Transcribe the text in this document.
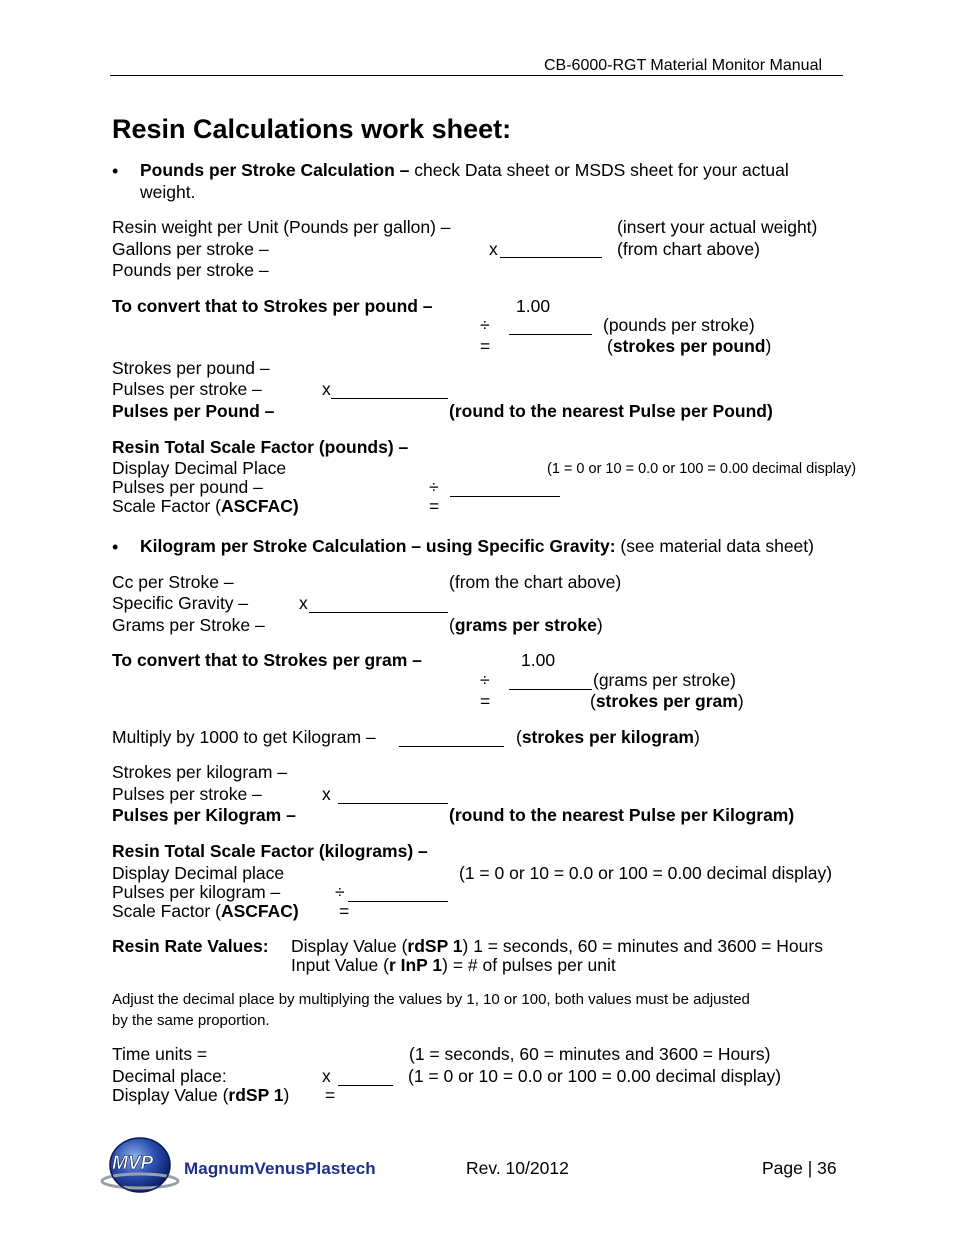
CB-6000-RGT Material Monitor Manual
Resin Calculations work sheet:
• Pounds per Stroke Calculation – check Data sheet or MSDS sheet for your actual
weight.
Resin weight per Unit (Pounds per gallon) –	(insert your actual weight)
Gallons per stroke –	x	(from chart above)
Pounds per stroke –
To convert that to Strokes per pound –	1.00
÷	(pounds per stroke)
=	(strokes per pound)
Strokes per pound –
Pulses per stroke –	x
Pulses per Pound –	(round to the nearest Pulse per Pound)
Resin Total Scale Factor (pounds) –
Display Decimal Place	(1 = 0 or 10 = 0.0 or 100 = 0.00 decimal display)
Pulses per pound –	÷
Scale Factor (ASCFAC)	=
• Kilogram per Stroke Calculation – using Specific Gravity: (see material data sheet)
Cc per Stroke –	(from the chart above)
Specific Gravity –	x
Grams per Stroke –	(grams per stroke)
To convert that to Strokes per gram –	1.00
÷	(grams per stroke)
=	(strokes per gram)
Multiply by 1000 to get Kilogram –	(strokes per kilogram)
Strokes per kilogram –
Pulses per stroke –	x
Pulses per Kilogram –	(round to the nearest Pulse per Kilogram)
Resin Total Scale Factor (kilograms) –
Display Decimal place	(1 = 0 or 10 = 0.0 or 100 = 0.00 decimal display)
Pulses per kilogram –	÷
Scale Factor (ASCFAC) =
Resin Rate Values: Display Value (rdSP 1) 1 = seconds, 60 = minutes and 3600 = Hours
Input Value (r InP 1) = # of pulses per unit
Adjust the decimal place by multiplying the values by 1, 10 or 100, both values must be adjusted
by the same proportion.
Time units =	(1 = seconds, 60 = minutes and 3600 = Hours)
Decimal place:	x	(1 = 0 or 10 = 0.0 or 100 = 0.00 decimal display)
Display Value (rdSP 1) =
MVP MagnumVenusPlastech	Rev. 10/2012	Page | 36
